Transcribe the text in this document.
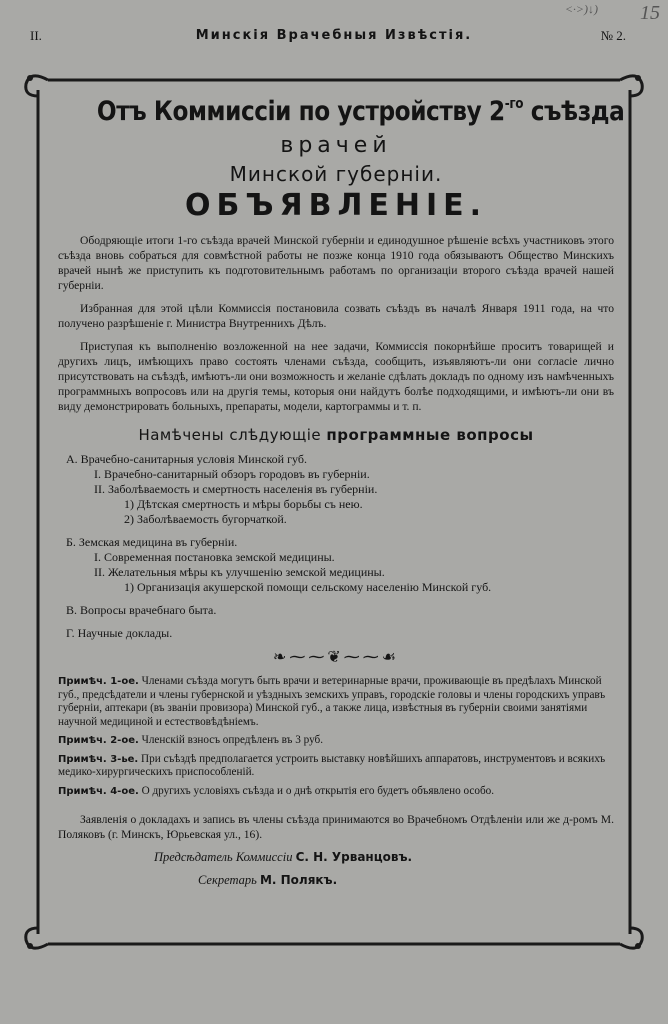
II.	Минскія Врачебныя Извѣстія.	№ 2.
<·>)↓) 15
Отъ Коммиссіи по устройству $2^{-го}$ съѣзда
врачей
Минской губерніи.
ОБЪЯВЛЕНІЕ.

Ободряющіе итоги 1-го съѣзда врачей Минской губерніи и единодушное рѣшеніе всѣхъ участниковъ этого съѣзда вновь собраться для совмѣстной работы не позже конца 1910 года обязываютъ Общество Минскихъ врачей нынѣ же приступить къ подготовительнымъ работамъ по организаціи второго съѣзда врачей нашей губерніи.

Избранная для этой цѣли Коммиссія постановила созвать съѣздъ въ началѣ Января 1911 года, на что получено разрѣшеніе г. Министра Внутреннихъ Дѣлъ.

Приступая къ выполненію возложенной на нее задачи, Коммиссія покорнѣйше проситъ товарищей и другихъ лицъ, имѣющихъ право состоять членами съѣзда, сообщить, изъявляютъ-ли они согласіе лично присутствовать на съѣздѣ, имѣютъ-ли они возможность и желаніе сдѣлать докладъ по одному изъ намѣченныхъ программныхъ вопросовъ или на другія темы, которыя они найдутъ болѣе подходящими, и имѣютъ-ли они въ виду демонстрировать больныхъ, препараты, модели, картограммы и т. п.

Намѣчены слѣдующіе программные вопросы
А. Врачебно-санитарныя условія Минской губ.
I. Врачебно-санитарный обзоръ городовъ въ губерніи.
II. Заболѣваемость и смертность населенія въ губерніи.
1) Дѣтская смертность и мѣры борьбы съ нею.
2) Заболѣваемость бугорчаткой.
Б. Земская медицина въ губерніи.
I. Современная постановка земской медицины.
II. Желательныя мѣры къ улучшенію земской медицины.
1) Организація акушерской помощи сельскому населенію Минской губ.
В. Вопросы врачебнаго быта.
Г. Научные доклады.
❧⁓⁓❦⁓⁓☙
Примѣч. 1-ое. Членами съѣзда могутъ быть врачи и ветеринарные врачи, проживающіе въ предѣлахъ Минской губ., предсѣдатели и члены губернской и уѣздныхъ земскихъ управъ, городскіе головы и члены городскихъ управъ губерніи, аптекари (въ званіи провизора) Минской губ., а также лица, извѣстныя въ губерніи своими занятіями научной медициной и естествовѣдѣніемъ.
Примѣч. 2-ое. Членскій взносъ опредѣленъ въ 3 руб.
Примѣч. 3-ье. При съѣздѣ предполагается устроить выставку новѣйшихъ аппаратовъ, инструментовъ и всякихъ медико-хирургическихъ приспособленій.
Примѣч. 4-ое. О другихъ условіяхъ съѣзда и о днѣ открытія его будетъ объявлено особо.

Заявленія о докладахъ и запись въ члены съѣзда принимаются во Врачебномъ Отдѣленіи или же д-ромъ М. Поляковъ (г. Минскъ, Юрьевская ул., 16).

Предсѣдатель Коммиссіи С. Н. Урванцовъ.
Секретарь М. Полякъ.
